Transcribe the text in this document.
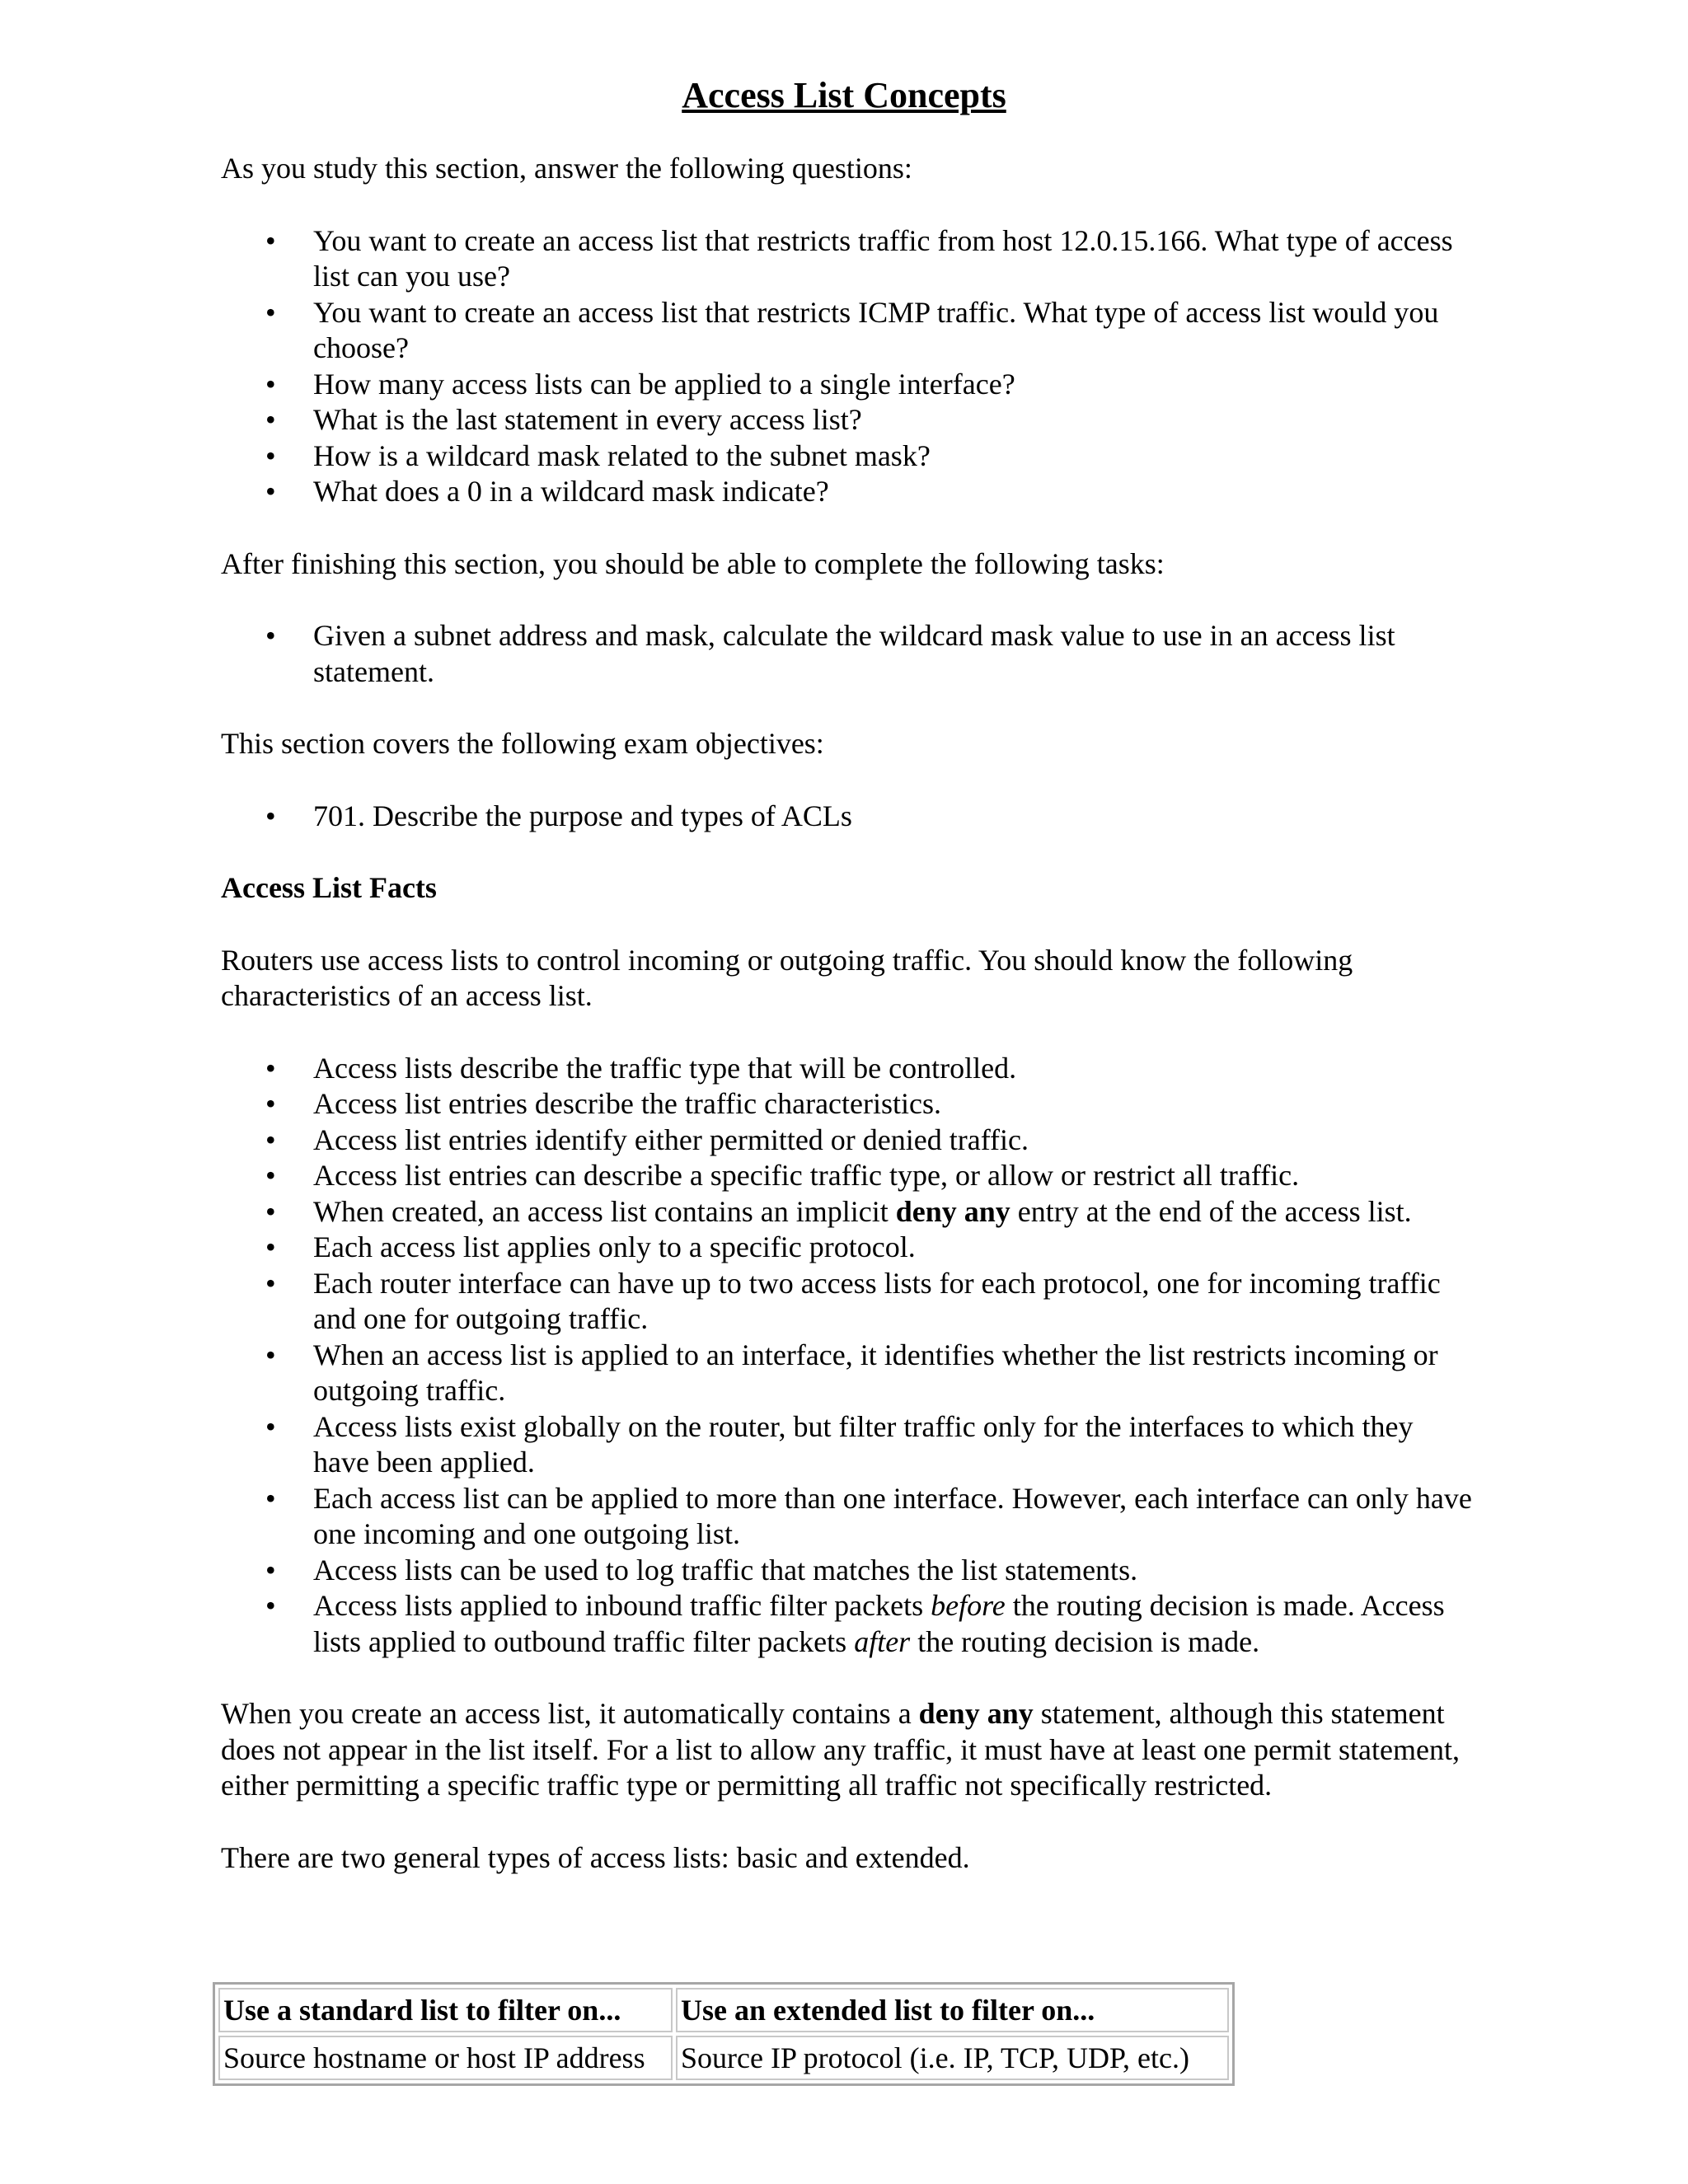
Access List Concepts

As you study this section, answer the following questions:

• You want to create an access list that restricts traffic from host 12.0.15.166. What type of access list can you use?
• You want to create an access list that restricts ICMP traffic. What type of access list would you choose?
• How many access lists can be applied to a single interface?
• What is the last statement in every access list?
• How is a wildcard mask related to the subnet mask?
• What does a 0 in a wildcard mask indicate?

After finishing this section, you should be able to complete the following tasks:

• Given a subnet address and mask, calculate the wildcard mask value to use in an access list statement.

This section covers the following exam objectives:

• 701. Describe the purpose and types of ACLs

Access List Facts

Routers use access lists to control incoming or outgoing traffic. You should know the following characteristics of an access list.

• Access lists describe the traffic type that will be controlled.
• Access list entries describe the traffic characteristics.
• Access list entries identify either permitted or denied traffic.
• Access list entries can describe a specific traffic type, or allow or restrict all traffic.
• When created, an access list contains an implicit deny any entry at the end of the access list.
• Each access list applies only to a specific protocol.
• Each router interface can have up to two access lists for each protocol, one for incoming traffic and one for outgoing traffic.
• When an access list is applied to an interface, it identifies whether the list restricts incoming or outgoing traffic.
• Access lists exist globally on the router, but filter traffic only for the interfaces to which they have been applied.
• Each access list can be applied to more than one interface. However, each interface can only have one incoming and one outgoing list.
• Access lists can be used to log traffic that matches the list statements.
• Access lists applied to inbound traffic filter packets before the routing decision is made. Access lists applied to outbound traffic filter packets after the routing decision is made.

When you create an access list, it automatically contains a deny any statement, although this statement does not appear in the list itself. For a list to allow any traffic, it must have at least one permit statement, either permitting a specific traffic type or permitting all traffic not specifically restricted.

There are two general types of access lists: basic and extended.

Use a standard list to filter on...	Use an extended list to filter on...
Source hostname or host IP address	Source IP protocol (i.e. IP, TCP, UDP, etc.)
